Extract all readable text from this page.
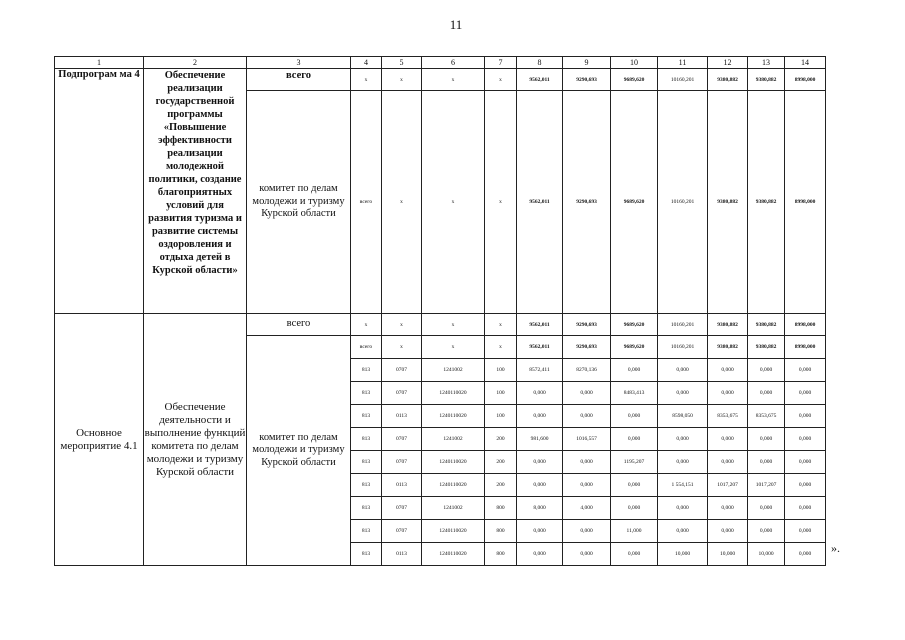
11
1	2	3	4	5	6	7	8	9	10	11	12	13	14
Подпрограм ма 4	Обеспечение реализации государственной программы «Повышение эффективности реализации молодежной политики, создание благоприятных условий для развития туризма и развитие системы оздоровления и отдыха детей в Курской области»	всего	x	x	x	x	9562,011	9290,693	9689,620	10160,201	9380,882	9380,882	8998,000
		комитет по делам молодежи и туризму Курской области	всего	x	x	x	9562,011	9290,693	9689,620	10160,201	9380,882	9380,882	8998,000
Основное мероприятие 4.1	Обеспечение деятельности и выполнение функций комитета по делам молодежи и туризму Курской области	всего	x	x	x	x	9562,011	9290,693	9689,620	10160,201	9380,882	9380,882	8998,000
		комитет по делам молодежи и туризму Курской области	всего	x	x	x	9562,011	9290,693	9689,620	10160,201	9380,882	9380,882	8998,000
			813	0707	1241002	100	8572,411	8270,136	0,000	0,000	0,000	0,000	0,000
			813	0707	1240110020	100	0,000	0,000	8483,413	0,000	0,000	0,000	0,000
			813	0113	1240110020	100	0,000	0,000	0,000	8598,050	8353,675	8353,675	0,000
			813	0707	1241002	200	981,600	1016,557	0,000	0,000	0,000	0,000	0,000
			813	0707	1240110020	200	0,000	0,000	1195,207	0,000	0,000	0,000	0,000
			813	0113	1240110020	200	0,000	0,000	0,000	1 554,151	1017,207	1017,207	0,000
			813	0707	1241002	800	8,000	4,000	0,000	0,000	0,000	0,000	0,000
			813	0707	1240110020	800	0,000	0,000	11,000	0,000	0,000	0,000	0,000
			813	0113	1240110020	800	0,000	0,000	0,000	10,000	10,000	10,000	0,000 ».
